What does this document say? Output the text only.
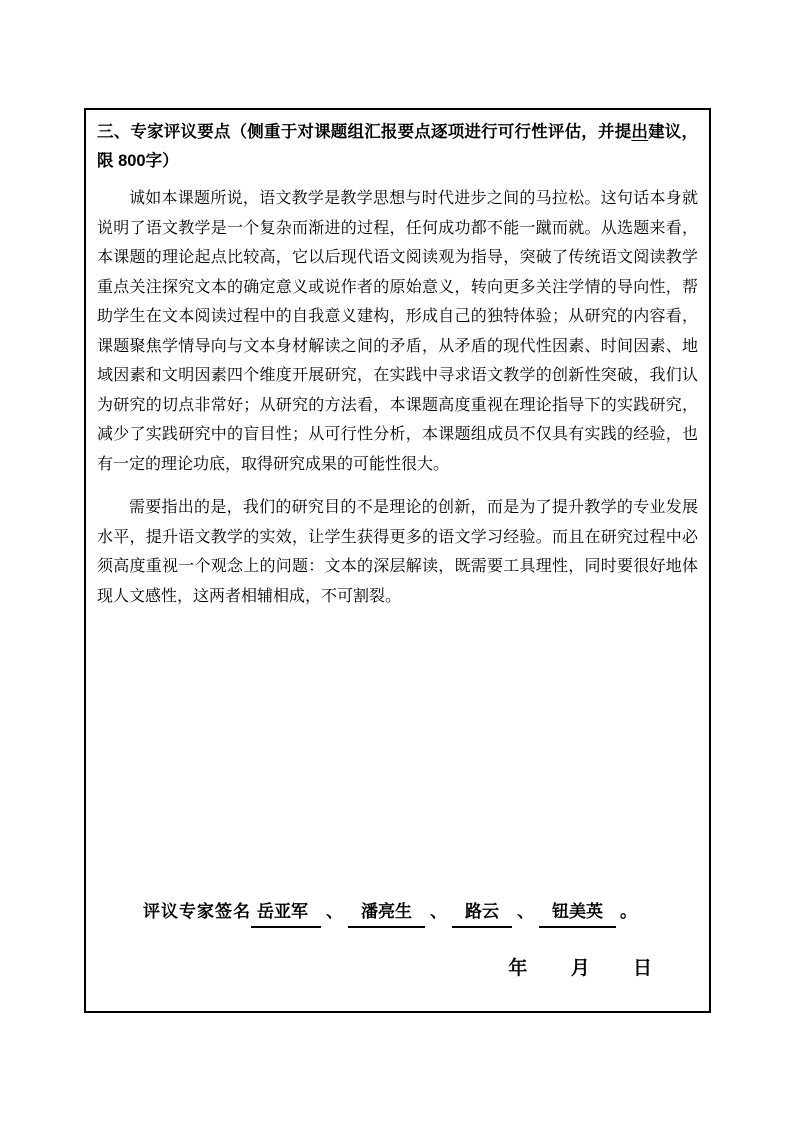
三、专家评议要点（侧重于对课题组汇报要点逐项进行可行性评估，并提出建议，限 800字）

诚如本课题所说，语文教学是教学思想与时代进步之间的马拉松。这句话本身就说明了语文教学是一个复杂而渐进的过程，任何成功都不能一蹴而就。从选题来看，本课题的理论起点比较高，它以后现代语文阅读观为指导，突破了传统语文阅读教学重点关注探究文本的确定意义或说作者的原始意义，转向更多关注学情的导向性，帮助学生在文本阅读过程中的自我意义建构，形成自己的独特体验；从研究的内容看，课题聚焦学情导向与文本身材解读之间的矛盾，从矛盾的现代性因素、时间因素、地域因素和文明因素四个维度开展研究，在实践中寻求语文教学的创新性突破，我们认为研究的切点非常好；从研究的方法看，本课题高度重视在理论指导下的实践研究，减少了实践研究中的盲目性；从可行性分析，本课题组成员不仅具有实践的经验，也有一定的理论功底，取得研究成果的可能性很大。

需要指出的是，我们的研究目的不是理论的创新，而是为了提升教学的专业发展水平，提升语文教学的实效，让学生获得更多的语文学习经验。而且在研究过程中必须高度重视一个观念上的问题：文本的深层解读，既需要工具理性，同时要很好地体现人文感性，这两者相辅相成，不可割裂。

评议专家签名 岳亚军 、 潘亮生 、 路云 、 钮美英 。
年 月 日
